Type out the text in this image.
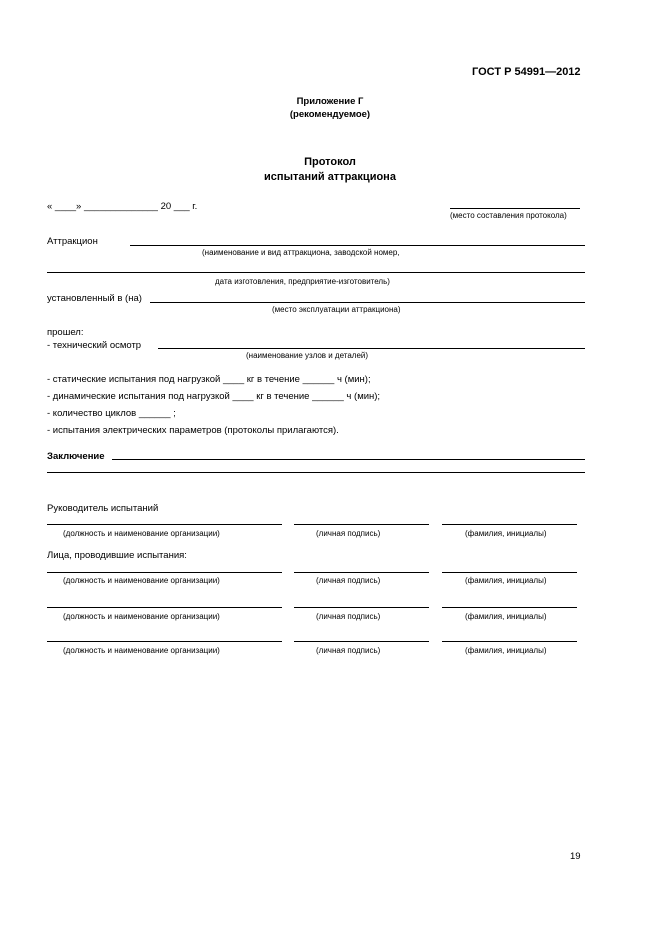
ГОСТ Р 54991—2012
Приложение Г
(рекомендуемое)
Протокол
испытаний аттракциона
« ____» ______________ 20 ___ г.
(место составления протокола)
Аттракцион
(наименование и вид аттракциона, заводской номер,
дата изготовления, предприятие-изготовитель)
установленный в (на)
(место эксплуатации аттракциона)
прошел:
- технический осмотр
(наименование узлов и деталей)
- статические испытания под нагрузкой ____ кг в течение ______ ч (мин);
- динамические испытания под нагрузкой ____ кг в течение ______ ч (мин);
- количество циклов ______ ;
- испытания электрических параметров (протоколы прилагаются).
Заключение
Руководитель испытаний
(должность и наименование организации)	(личная подпись)	(фамилия, инициалы)
Лица, проводившие испытания:
(должность и наименование организации)	(личная подпись)	(фамилия, инициалы)
(должность и наименование организации)	(личная подпись)	(фамилия, инициалы)
(должность и наименование организации)	(личная подпись)	(фамилия, инициалы)
19
